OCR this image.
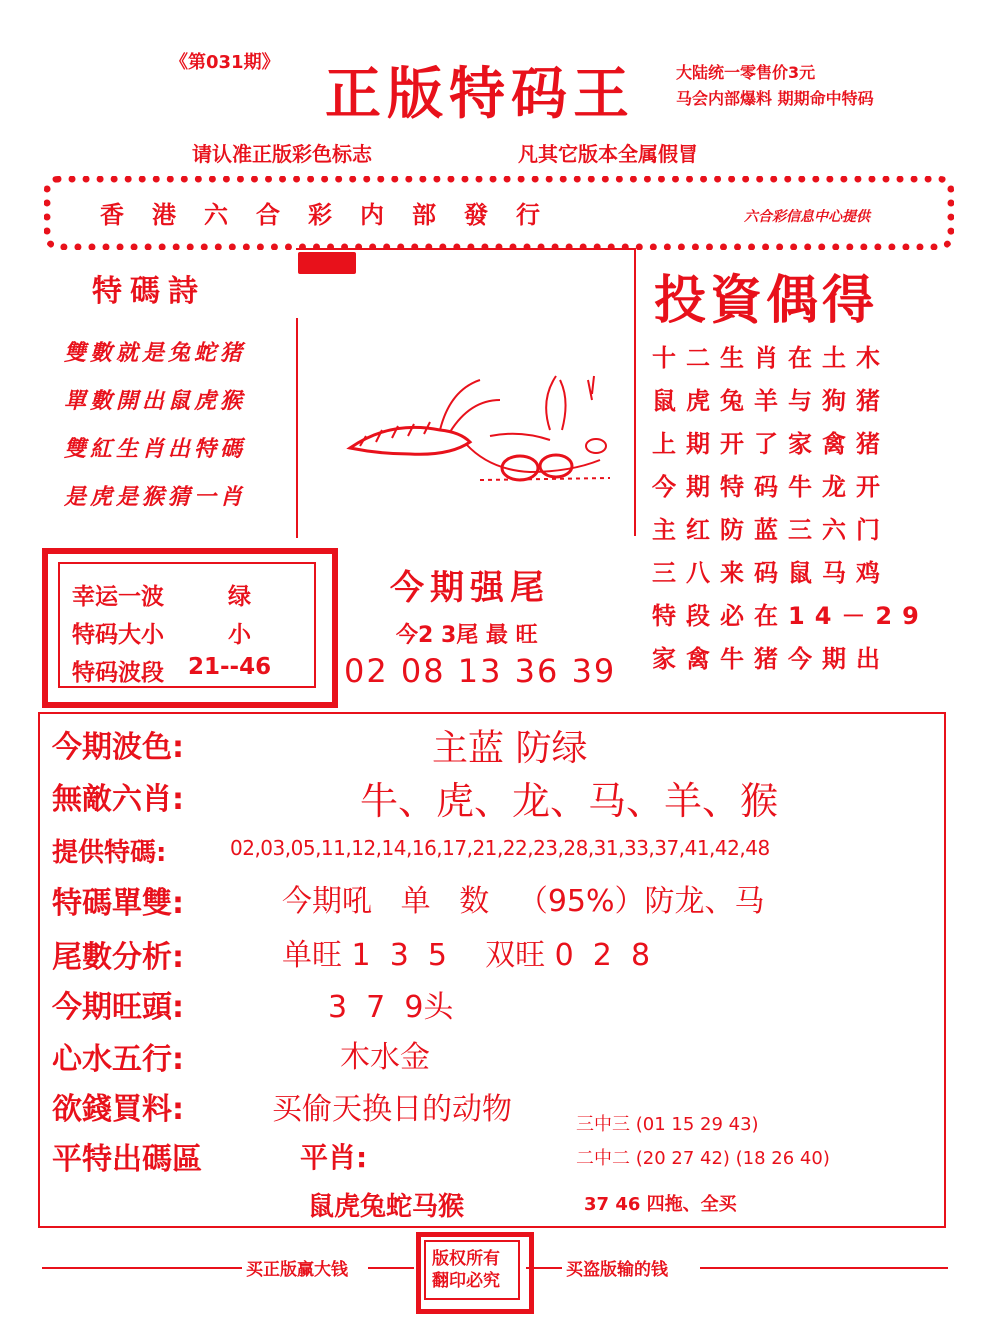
《第031期》 正版特码王	大陆统一零售价3元
马会内部爆料 期期命中特码
请认准正版彩色标志	凡其它版本全属假冒
香港六合彩内部發行	六合彩信息中心提供
特碼詩
雙數就是兔蛇猪
單數開出鼠虎猴
雙紅生肖出特碼
是虎是猴猜一肖
投資偶得
十二生肖在土木
鼠虎兔羊与狗猪
上期开了家禽猪
今期特码牛龙开
主红防蓝三六门
三八来码鼠马鸡
特段必在14－29
家禽牛猪今期出
幸运一波	绿
特码大小	小
特码波段 21--46
今期强尾
今2 3尾 最 旺
02 08 13 36 39
今期波色:	主蓝 防绿
無敵六肖:	牛、虎、龙、马、羊、猴
提供特碼:	02,03,05,11,12,14,16,17,21,22,23,28,31,33,37,41,42,48
特碼單雙:	今期吼   单   数   （95%）防龙、马
尾數分析:	单旺 1  3  5    双旺 0  2  8
今期旺頭:	3  7  9头
心水五行:	木水金
欲錢買料:	买偷天换日的动物	三中三 (01 15 29 43)
二中二 (20 27 42) (18 26 40)
平特出碼區	平肖:
鼠虎兔蛇马猴	37 46 四拖、全买
买正版赢大钱
版权所有
翻印必究
买盗版输的钱
